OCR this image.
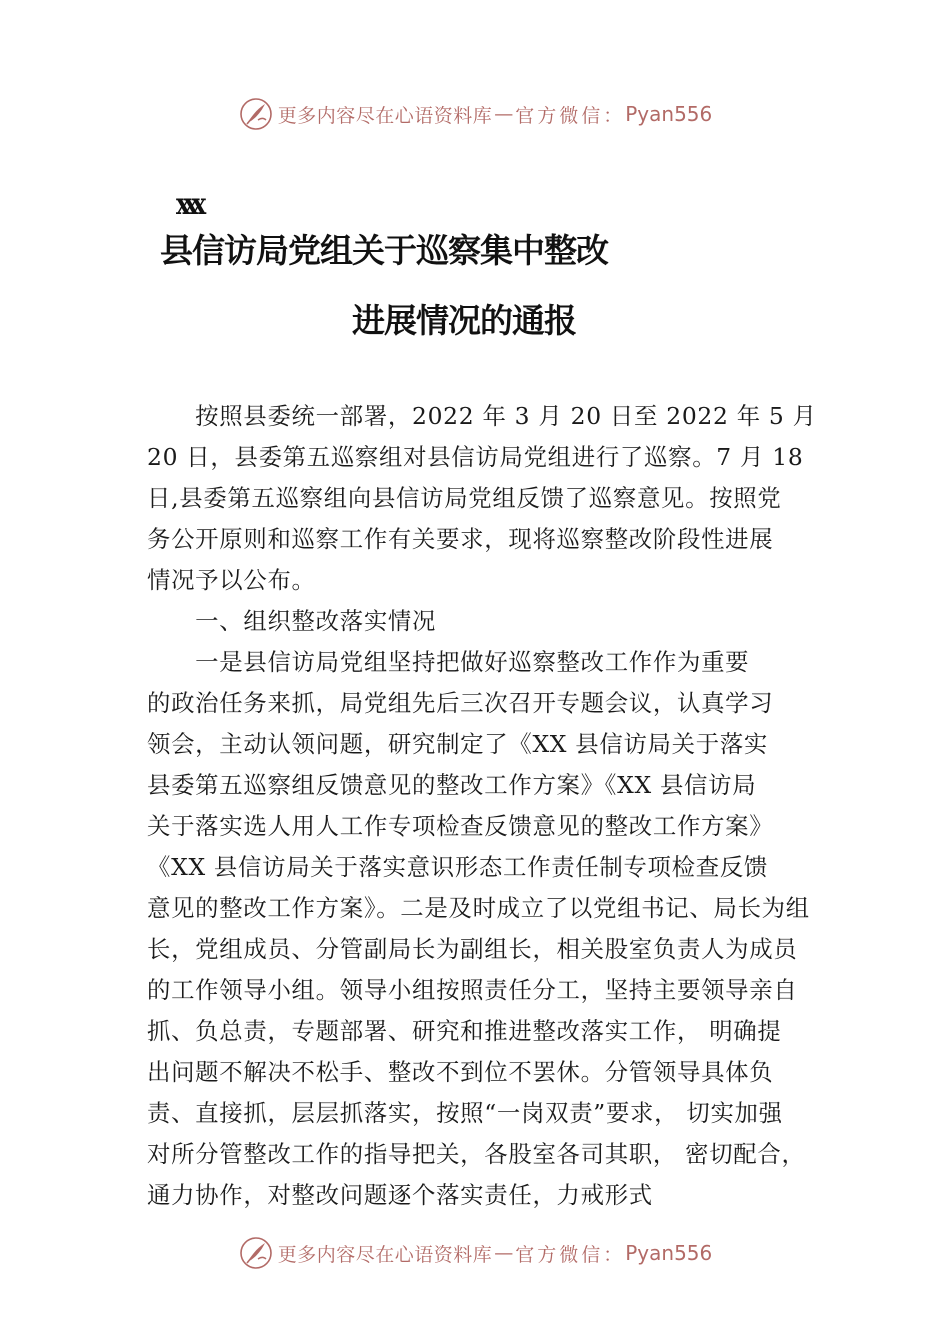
更多内容尽在心语资料库 — 官方微信： Pyan556
xxx
县信访局党组关于巡察集中整改
进展情况的通报
　　按照县委统一部署，2022 年 3 月 20 日至 2022 年 5 月
20 日，县委第五巡察组对县信访局党组进行了巡察。7 月 18
日,县委第五巡察组向县信访局党组反馈了巡察意见。按照党
务公开原则和巡察工作有关要求，现将巡察整改阶段性进展
情况予以公布。
　　一、组织整改落实情况
　　一是县信访局党组坚持把做好巡察整改工作作为重要
的政治任务来抓，局党组先后三次召开专题会议，认真学习
领会，主动认领问题，研究制定了《XX 县信访局关于落实
县委第五巡察组反馈意见的整改工作方案》《XX 县信访局
关于落实选人用人工作专项检查反馈意见的整改工作方案》
《XX 县信访局关于落实意识形态工作责任制专项检查反馈
意见的整改工作方案》。二是及时成立了以党组书记、局长为组
长，党组成员、分管副局长为副组长，相关股室负责人为成员
的工作领导小组。领导小组按照责任分工，坚持主要领导亲自
抓、负总责，专题部署、研究和推进整改落实工作， 明确提
出问题不解决不松手、整改不到位不罢休。分管领导具体负
责、直接抓，层层抓落实，按照“一岗双责”要求， 切实加强
对所分管整改工作的指导把关，各股室各司其职， 密切配合，
通力协作，对整改问题逐个落实责任，力戒形式
更多内容尽在心语资料库 — 官方微信： Pyan556
